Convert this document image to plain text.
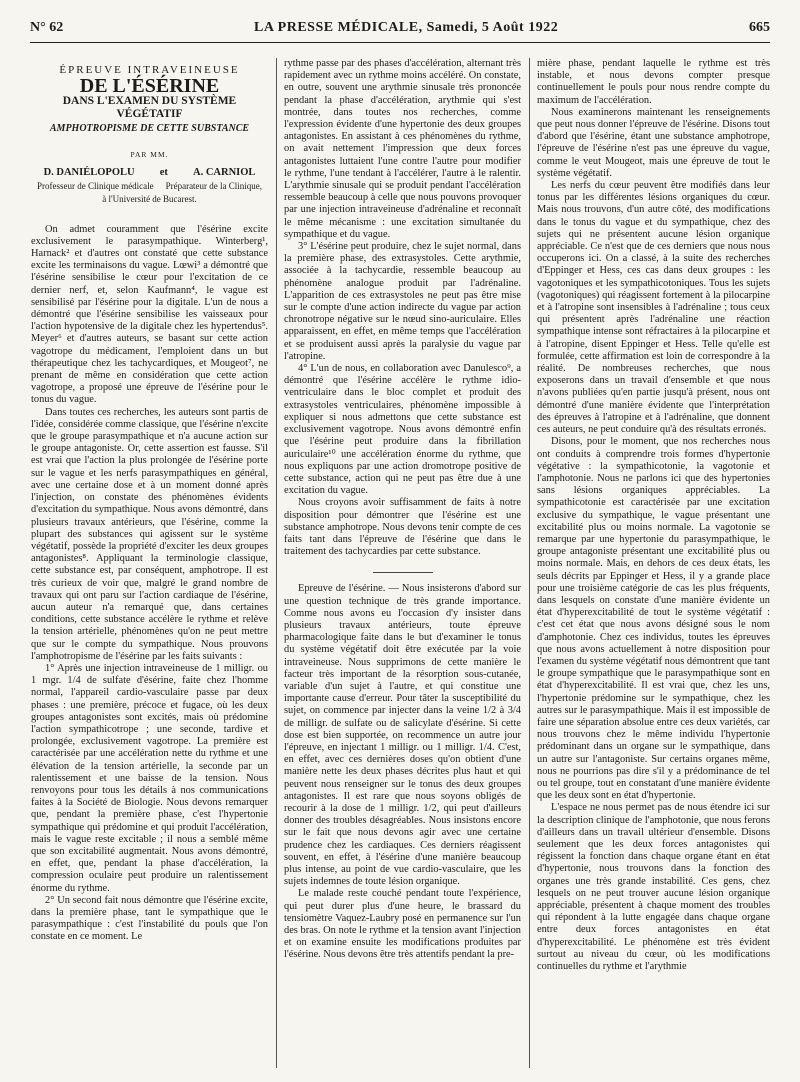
N° 62	LA PRESSE MÉDICALE, Samedi, 5 Août 1922	665
ÉPREUVE INTRAVEINEUSE
DE L'ÉSÉRINE
DANS L'EXAMEN DU SYSTÈME VÉGÉTATIF
AMPHOTROPISME DE CETTE SUBSTANCE
PAR MM.
D. DANIÉLOPOLU et A. CARNIOL
Professeur de Clinique médicale Préparateur de la Clinique,
à l'Université de Bucarest.

On admet couramment que l'ésérine excite exclusivement le parasympathique. Winterberg¹, Harnack² et d'autres ont constaté que cette substance excite les terminaisons du vague. Lœwi³ a démontré que l'ésérine sensibilise le cœur pour l'excitation de ce dernier nerf, et, selon Kaufmann⁴, le vague est sensibilisé par l'ésérine pour la digitale. L'un de nous a démontré que l'ésérine sensibilise les vaisseaux pour l'action hypotensive de la digitale chez les hypertendus⁵. Meyer⁶ et d'autres auteurs, se basant sur cette action vagotrope du médicament, l'emploient dans un but thérapeutique chez les tachycardiques, et Mougeot⁷, ne prenant de même en considération que cette action vagotrope, a proposé une épreuve de l'ésérine pour le tonus du vague.

Dans toutes ces recherches, les auteurs sont partis de l'idée, considérée comme classique, que l'ésérine n'excite que le groupe parasympathique et n'a aucune action sur le groupe antagoniste. Or, cette assertion est fausse. S'il est vrai que l'action la plus prolongée de l'ésérine porte sur le vague et les nerfs parasympathiques en général, avec une certaine dose et à un moment donné après l'injection, on constate des phénomènes évidents d'excitation du sympathique. Nous avons démontré, dans plusieurs travaux antérieurs, que l'ésérine, comme la plupart des substances qui agissent sur le système végétatif, possède la propriété d'exciter les deux groupes antagonistes⁸. Appliquant la terminologie classique, cette substance est, par conséquent, amphotrope. Il est très curieux de voir que, malgré le grand nombre de travaux qui ont paru sur l'action cardiaque de l'ésérine, aucun auteur n'a remarqué que, dans certaines conditions, cette substance accélère le rythme et relève la tension artérielle, phénomènes qu'on ne peut mettre que sur le compte du sympathique. Nous prouvons l'amphotropisme de l'ésérine par les faits suivants :

1° Après une injection intraveineuse de 1 milligr. ou 1 mgr. 1/4 de sulfate d'ésérine, faite chez l'homme normal, l'appareil cardio-vasculaire passe par deux phases : une première, précoce et fugace, où les deux groupes antagonistes sont excités, mais où prédomine l'action sympathicotrope ; une seconde, tardive et prolongée, exclusivement vagotrope. La première est caractérisée par une accélération nette du rythme et une élévation de la tension artérielle, la seconde par un ralentissement et une baisse de la tension. Nous renvoyons pour tous les détails à nos communications faites à la Société de Biologie. Nous devons remarquer que, pendant la première phase, c'est l'hypertonie sympathique qui prédomine et qui produit l'accélération, mais le vague reste excitable ; il nous a semblé même que son excitabilité augmentait. Nous avons démontré, en effet, que, pendant la phase d'accélération, la compression oculaire peut produire un ralentissement énorme du rythme.

2° Un second fait nous démontre que l'ésérine excite, dans la première phase, tant le sympathique que le parasympathique : c'est l'instabilité du pouls que l'on constate en ce moment. Le

rythme passe par des phases d'accélération, alternant très rapidement avec un rythme moins accéléré. On constate, en outre, souvent une arythmie sinusale très prononcée pendant la phase d'accélération, arythmie qui s'est montrée, dans toutes nos recherches, comme l'expression évidente d'une hypertonie des deux groupes antagonistes. En assistant à ces phénomènes du rythme, on avait nettement l'impression que deux forces antagonistes luttaient l'une contre l'autre pour modifier le rythme, l'une tendant à l'accélérer, l'autre à le ralentir. L'arythmie sinusale qui se produit pendant l'accélération ressemble beaucoup à celle que nous pouvons provoquer par une injection intraveineuse d'adrénaline et reconnaît le même mécanisme : une excitation simultanée du sympathique et du vague.

3° L'ésérine peut produire, chez le sujet normal, dans la première phase, des extrasystoles. Cette arythmie, associée à la tachycardie, ressemble beaucoup au phénomène analogue produit par l'adrénaline. L'apparition de ces extrasystoles ne peut pas être mise sur le compte d'une action indirecte du vague par action chronotrope négative sur le nœud sino-auriculaire. Elles apparaissent, en effet, en même temps que l'accélération et se produisent aussi après la paralysie du vague par l'atropine.

4° L'un de nous, en collaboration avec Danulesco⁹, a démontré que l'ésérine accélère le rythme idio-ventriculaire dans le bloc complet et produit des extrasystoles ventriculaires, phénomène impossible à expliquer si nous admettons que cette substance est exclusivement vagotrope. Nous avons démontré enfin que l'ésérine peut produire dans la fibrillation auriculaire¹⁰ une accélération énorme du rythme, que nous expliquons par une action dromotrope positive de cette substance, action qui ne peut pas être due à une excitation du vague.

Nous croyons avoir suffisamment de faits à notre disposition pour démontrer que l'ésérine est une substance amphotrope. Nous devons tenir compte de ces faits tant dans l'épreuve de l'ésérine que dans le traitement des tachycardies par cette substance.

Epreuve de l'ésérine. — Nous insisterons d'abord sur une question technique de très grande importance. Comme nous avons eu l'occasion d'y insister dans plusieurs travaux antérieurs, toute épreuve pharmacologique faite dans le but d'examiner le tonus du système végétatif doit être exécutée par la voie intraveineuse. Nous supprimons de cette manière le facteur très important de la résorption sous-cutanée, variable d'un sujet à l'autre, et qui constitue une importante cause d'erreur. Pour tâter la susceptibilité du sujet, on commence par injecter dans la veine 1/2 à 3/4 de milligr. de sulfate ou de salicylate d'ésérine. Si cette dose est bien supportée, on recommence un autre jour l'épreuve, en injectant 1 milligr. ou 1 milligr. 1/4. C'est, en effet, avec ces dernières doses qu'on obtient d'une manière nette les deux phases décrites plus haut et qui peuvent nous renseigner sur le tonus des deux groupes antagonistes. Il est rare que nous soyons obligés de recourir à la dose de 1 milligr. 1/2, qui peut d'ailleurs donner des troubles désagréables. Nous insistons encore sur le fait que nous devons agir avec une certaine prudence chez les cardiaques. Ces derniers réagissent souvent, en effet, à l'ésérine d'une manière beaucoup plus intense, au point de vue cardio-vasculaire, que les sujets indemnes de toute lésion organique.

Le malade reste couché pendant toute l'expérience, qui peut durer plus d'une heure, le brassard du tensiomètre Vaquez-Laubry posé en permanence sur l'un des bras. On note le rythme et la tension avant l'injection et on examine ensuite les modifications produites par l'ésérine. Nous devons être très attentifs pendant la pre-

mière phase, pendant laquelle le rythme est très instable, et nous devons compter presque continuellement le pouls pour nous rendre compte du maximum de l'accélération.

Nous examinerons maintenant les renseignements que peut nous donner l'épreuve de l'ésérine. Disons tout d'abord que l'ésérine, étant une substance amphotrope, l'épreuve de l'ésérine n'est pas une épreuve du vague, comme le veut Mougeot, mais une épreuve de tout le système végétatif.

Les nerfs du cœur peuvent être modifiés dans leur tonus par les différentes lésions organiques du cœur. Mais nous trouvons, d'un autre côté, des modifications dans le tonus du vague et du sympathique, chez des sujets qui ne présentent aucune lésion organique appréciable. Ce n'est que de ces derniers que nous nous occuperons ici. On a classé, à la suite des recherches d'Eppinger et Hess, ces cas dans deux groupes : les vagotoniques et les sympathicotoniques. Tous les sujets (vagotoniques) qui réagissent fortement à la pilocarpine et à l'atropine sont insensibles à l'adrénaline ; tous ceux qui présentent après l'adrénaline une réaction sympathique intense sont réfractaires à la pilocarpine et à l'atropine, disent Eppinger et Hess. Telle qu'elle est formulée, cette affirmation est loin de correspondre à la réalité. De nombreuses recherches, que nous exposerons dans un travail d'ensemble et que nous n'avons publiées qu'en partie jusqu'à présent, nous ont démontré d'une manière évidente que l'interprétation des épreuves à l'atropine et à l'adrénaline, que donnent ces auteurs, ne peut conduire qu'à des résultats erronés.

Disons, pour le moment, que nos recherches nous ont conduits à comprendre trois formes d'hypertonie végétative : la sympathicotonie, la vagotonie et l'amphotonie. Nous ne parlons ici que des hypertonies sans lésions organiques appréciables. La sympathicotonie est caractérisée par une excitation exclusive du sympathique, le vague présentant une excitabilité plus ou moins normale. La vagotonie se remarque par une hypertonie du parasympathique, le groupe antagoniste présentant une excitabilité plus ou moins normale. Mais, en dehors de ces deux états, les seuls décrits par Eppinger et Hess, il y a grande place pour une troisième catégorie de cas les plus fréquents, dans lesquels on constate d'une manière évidente un état d'hyperexcitabilité de tout le système végétatif : c'est cet état que nous avons désigné sous le nom d'amphotonie. Chez ces individus, toutes les épreuves que nous avons actuellement à notre disposition pour l'examen du système végétatif nous démontrent que tant le groupe sympathique que le parasympathique sont en état d'hyperexcitabilité. Il est vrai que, chez les uns, l'hypertonie prédomine sur le sympathique, chez les autres sur le parasympathique. Mais il est impossible de faire une séparation absolue entre ces deux variétés, car nous trouvons chez le même individu l'hypertonie prédominant dans un organe sur le sympathique, dans un autre sur l'antagoniste. Sur certains organes même, nous ne pourrions pas dire s'il y a prédominance de tel ou tel groupe, tout en constatant d'une manière évidente que les deux sont en état d'hypertonie.

L'espace ne nous permet pas de nous étendre ici sur la description clinique de l'amphotonie, que nous ferons d'ailleurs dans un travail ultérieur d'ensemble. Disons seulement que les deux forces antagonistes qui régissent la fonction dans chaque organe étant en état d'hypertonie, nous trouvons dans la fonction des organes une très grande instabilité. Ces gens, chez lesquels on ne peut trouver aucune lésion organique appréciable, présentent à chaque moment des troubles qui répondent à la lutte engagée dans chaque organe entre deux forces antagonistes en état d'hyperexcitabilité. Le phénomène est très évident surtout au niveau du cœur, où les modifications continuelles du rythme et l'arythmie
